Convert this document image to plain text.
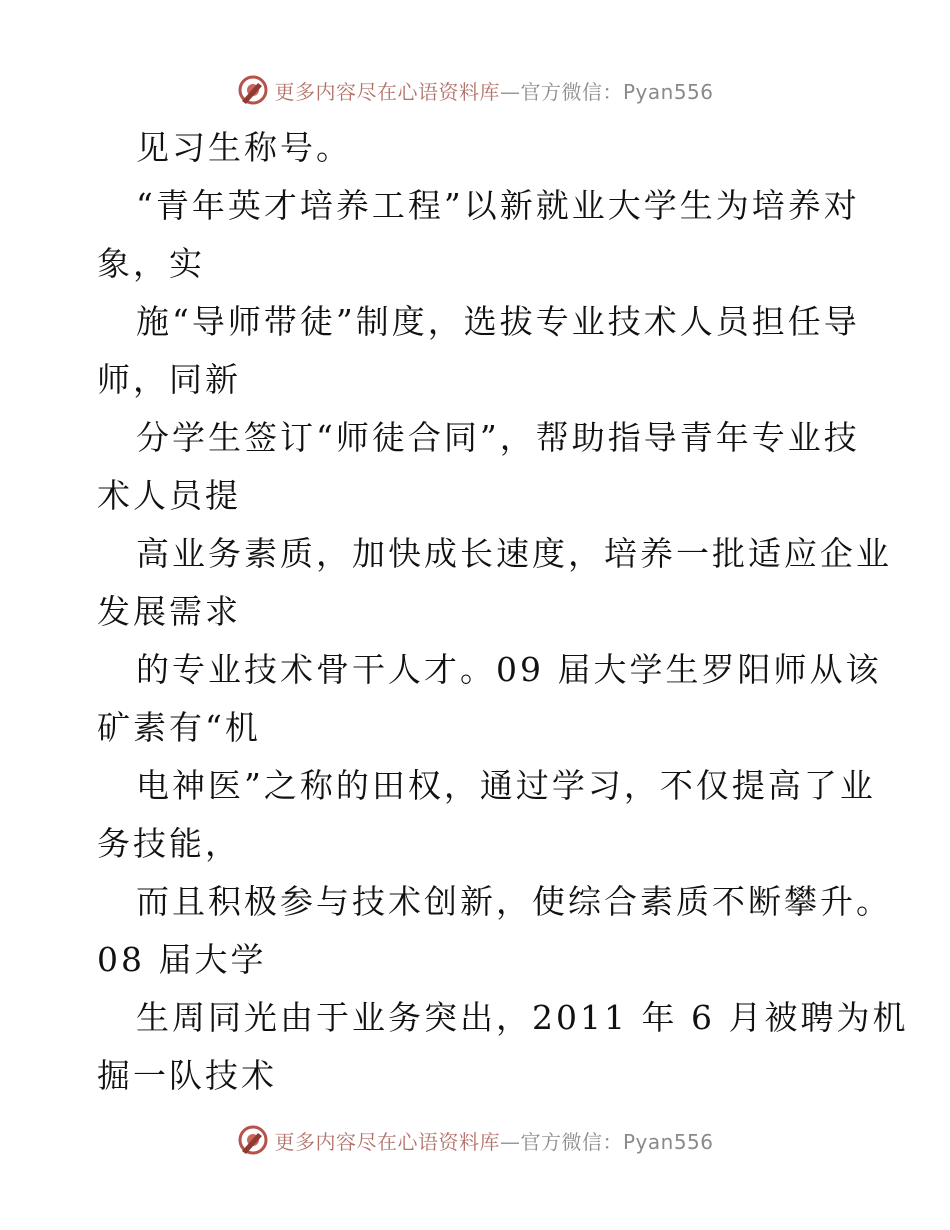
更多内容尽在心语资料库—官方微信：Pyan556
见习生称号。
“青年英才培养工程”以新就业大学生为培养对
象，实
施“导师带徒”制度，选拔专业技术人员担任导
师，同新
分学生签订“师徒合同”，帮助指导青年专业技
术人员提
高业务素质，加快成长速度，培养一批适应企业
发展需求
的专业技术骨干人才。09 届大学生罗阳师从该
矿素有“机
电神医”之称的田权，通过学习，不仅提高了业
务技能，
而且积极参与技术创新，使综合素质不断攀升。
08 届大学
生周同光由于业务突出，2011 年 6 月被聘为机
掘一队技术
更多内容尽在心语资料库—官方微信：Pyan556
